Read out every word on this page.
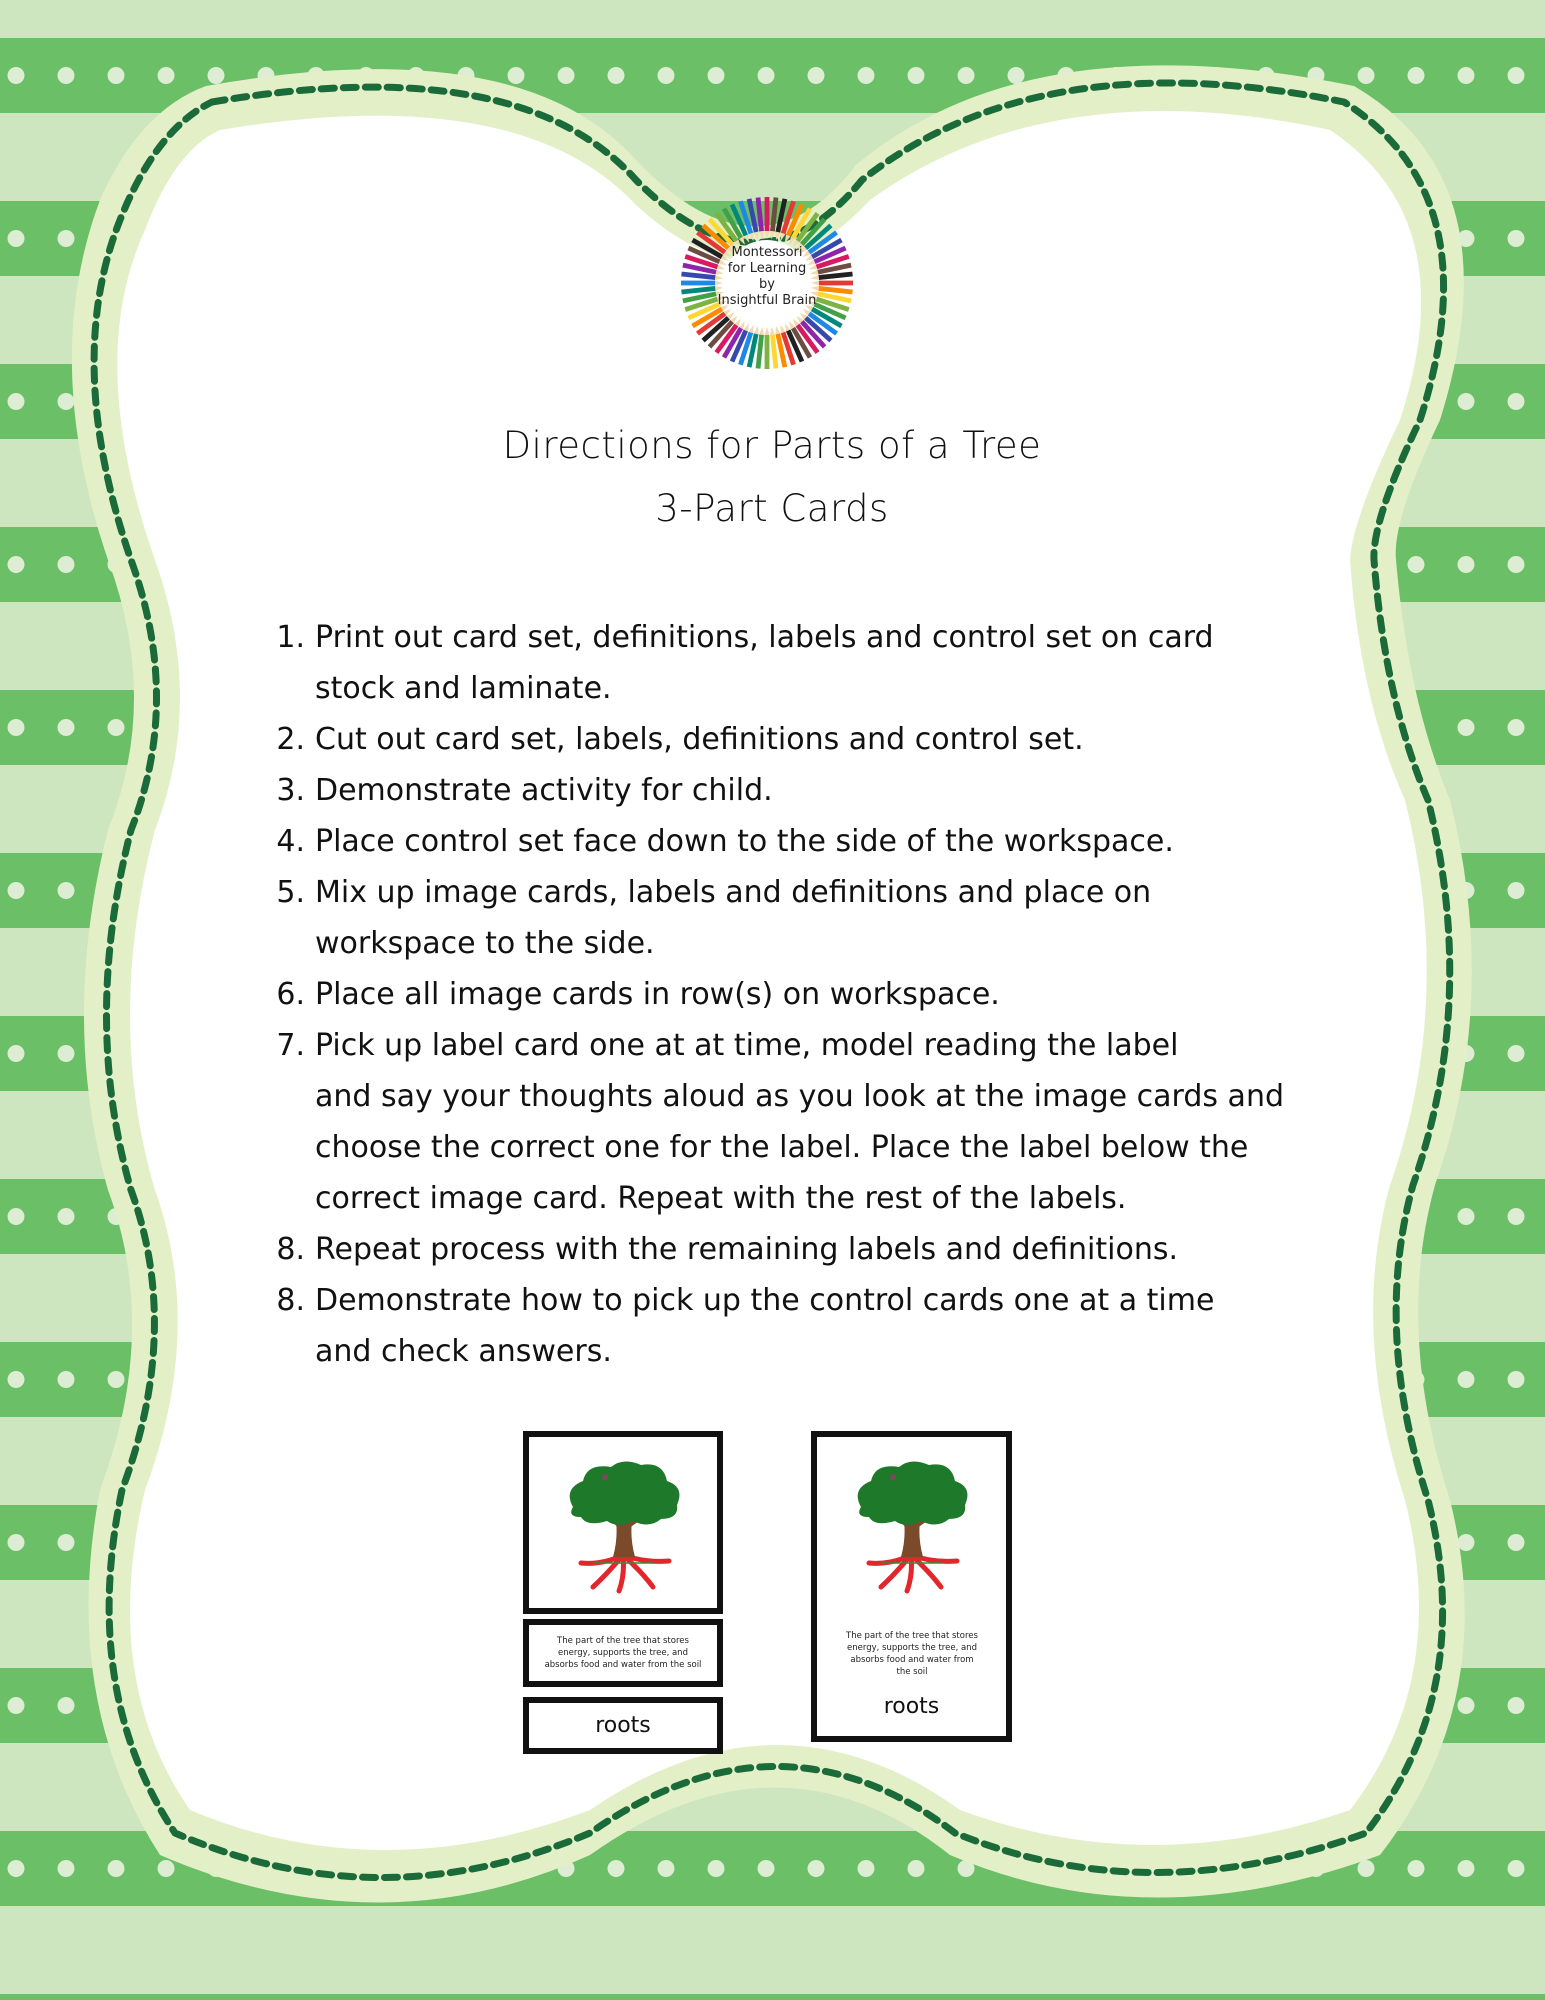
Montessori
for Learning
by
Insightful Brain
Directions for Parts of a Tree
3-Part Cards
1. Print out card set, definitions, labels and control set on card
stock and laminate.
2. Cut out card set, labels, definitions and control set.
3. Demonstrate activity for child.
4. Place control set face down to the side of the workspace.
5. Mix up image cards, labels and definitions and place on
workspace to the side.
6. Place all image cards in row(s) on workspace.
7. Pick up label card one at at time, model reading the label
and say your thoughts aloud as you look at the image cards and
choose the correct one for the label. Place the label below the
correct image card. Repeat with the rest of the labels.
8. Repeat process with the remaining labels and definitions.
8. Demonstrate how to pick up the control cards one at a time
and check answers.
The part of the tree that stores energy, supports the tree, and absorbs food and water from the soil
roots
The part of the tree that stores energy, supports the tree, and absorbs food and water from the soil
roots
